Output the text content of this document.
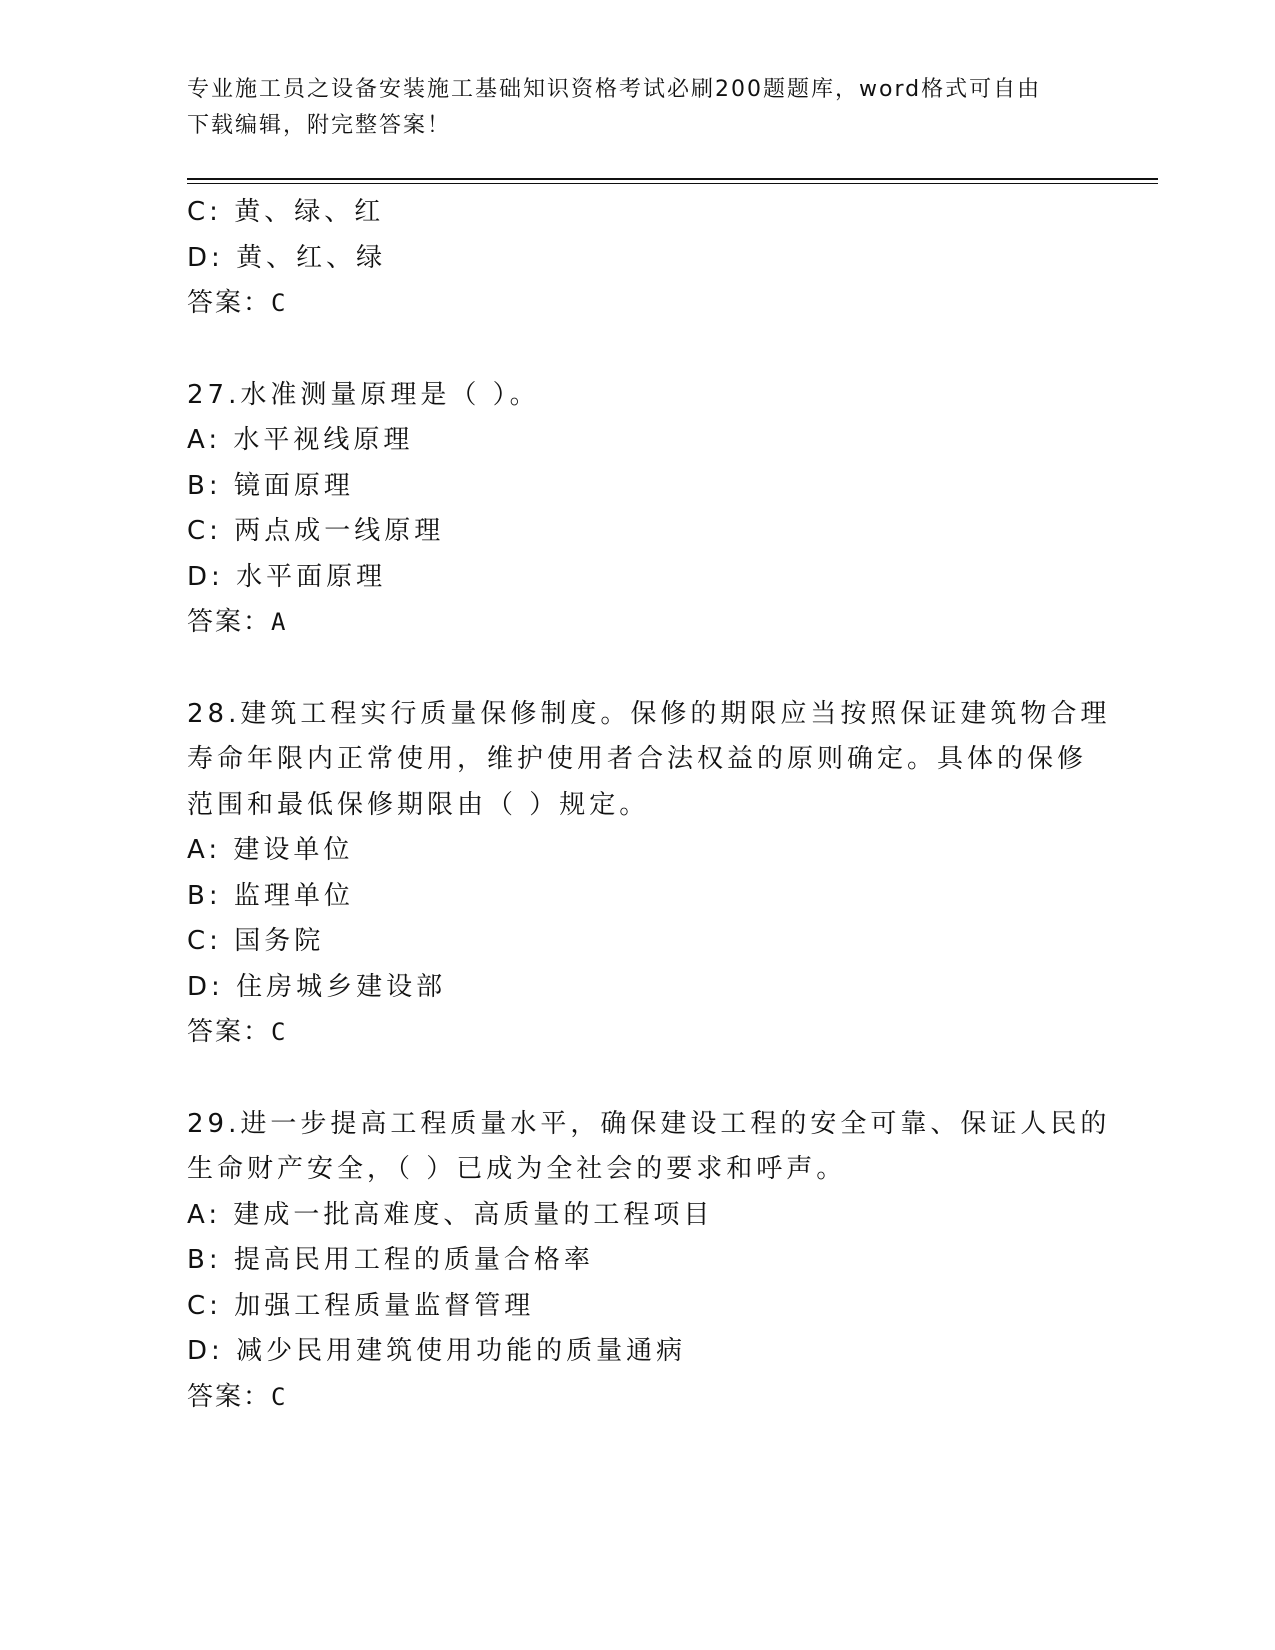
专业施工员之设备安装施工基础知识资格考试必刷200题题库，word格式可自由
下载编辑，附完整答案！
C: 黄、绿、红
D: 黄、红、绿
答案：C
27.水准测量原理是（ ）。
A: 水平视线原理
B: 镜面原理
C: 两点成一线原理
D: 水平面原理
答案：A
28.建筑工程实行质量保修制度。保修的期限应当按照保证建筑物合理
寿命年限内正常使用，维护使用者合法权益的原则确定。具体的保修
范围和最低保修期限由（ ）规定。
A: 建设单位
B: 监理单位
C: 国务院
D: 住房城乡建设部
答案：C
29.进一步提高工程质量水平，确保建设工程的安全可靠、保证人民的
生命财产安全，（ ）已成为全社会的要求和呼声。
A: 建成一批高难度、高质量的工程项目
B: 提高民用工程的质量合格率
C: 加强工程质量监督管理
D: 减少民用建筑使用功能的质量通病
答案：C
